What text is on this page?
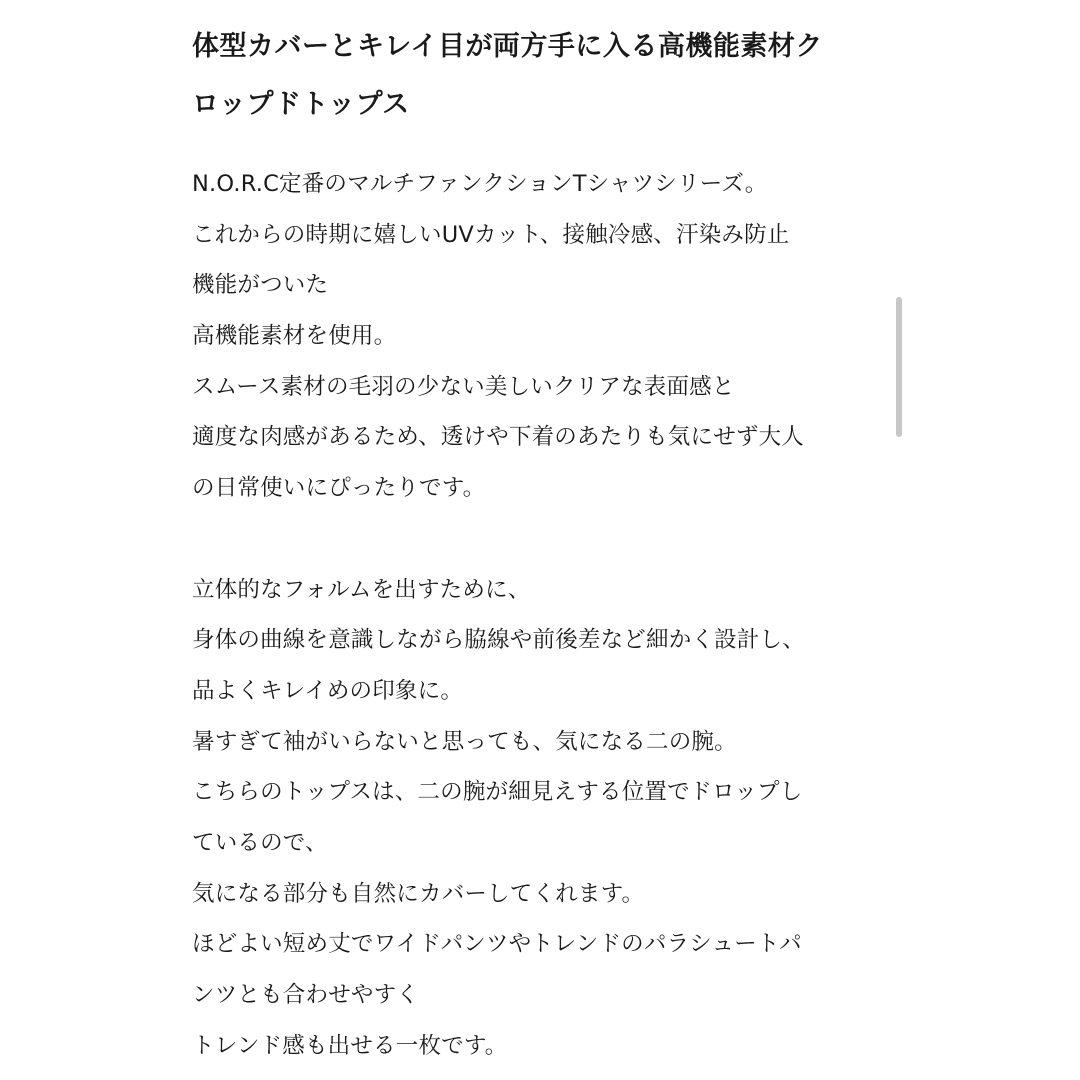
体型カバーとキレイ目が両方手に入る高機能素材ク
ロップドトップス
N.O.R.C定番のマルチファンクションTシャツシリーズ。
これからの時期に嬉しいUVカット、接触冷感、汗染み防止
機能がついた
高機能素材を使用。
スムース素材の毛羽の少ない美しいクリアな表面感と
適度な肉感があるため、透けや下着のあたりも気にせず大人
の日常使いにぴったりです。
立体的なフォルムを出すために、
身体の曲線を意識しながら脇線や前後差など細かく設計し、
品よくキレイめの印象に。
暑すぎて袖がいらないと思っても、気になる二の腕。
こちらのトップスは、二の腕が細見えする位置でドロップし
ているので、
気になる部分も自然にカバーしてくれます。
ほどよい短め丈でワイドパンツやトレンドのパラシュートパ
ンツとも合わせやすく
トレンド感も出せる一枚です。
